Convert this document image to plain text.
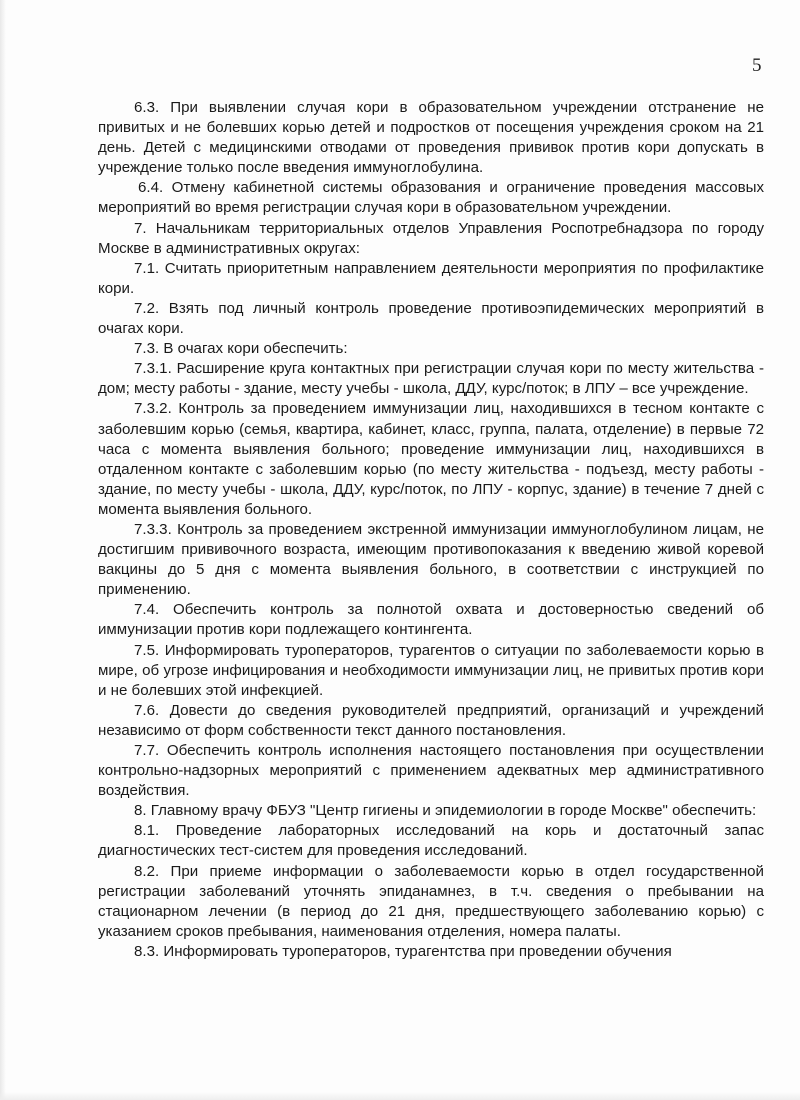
5

6.3. При выявлении случая кори в образовательном учреждении отстранение не привитых и не болевших корью детей и подростков от посещения учреждения сроком на 21 день. Детей с медицинскими отводами от проведения прививок против кори допускать в учреждение только после введения иммуноглобулина.

6.4. Отмену кабинетной системы образования и ограничение проведения массовых мероприятий во время регистрации случая кори в образовательном учреждении.

7. Начальникам территориальных отделов Управления Роспотребнадзора по городу Москве в административных округах:

7.1. Считать приоритетным направлением деятельности мероприятия по профилактике кори.

7.2. Взять под личный контроль проведение противоэпидемических мероприятий в очагах кори.

7.3. В очагах кори обеспечить:

7.3.1. Расширение круга контактных при регистрации случая кори по месту жительства - дом; месту работы - здание, месту учебы - школа, ДДУ, курс/поток; в ЛПУ – все учреждение.

7.3.2. Контроль за проведением иммунизации лиц, находившихся в тесном контакте с заболевшим корью (семья, квартира, кабинет, класс, группа, палата, отделение) в первые 72 часа с момента выявления больного; проведение иммунизации лиц, находившихся в отдаленном контакте с заболевшим корью (по месту жительства - подъезд, месту работы - здание, по месту учебы - школа, ДДУ, курс/поток, по ЛПУ - корпус, здание) в течение 7 дней с момента выявления больного.

7.3.3. Контроль за проведением экстренной иммунизации иммуноглобулином лицам, не достигшим прививочного возраста, имеющим противопоказания к введению живой коревой вакцины до 5 дня с момента выявления больного, в соответствии с инструкцией по применению.

7.4. Обеспечить контроль за полнотой охвата и достоверностью сведений об иммунизации против кори подлежащего контингента.

7.5. Информировать туроператоров, турагентов о ситуации по заболеваемости корью в мире, об угрозе инфицирования и необходимости иммунизации лиц, не привитых против кори и не болевших этой инфекцией.

7.6. Довести до сведения руководителей предприятий, организаций и учреждений независимо от форм собственности текст данного постановления.

7.7. Обеспечить контроль исполнения настоящего постановления при осуществлении контрольно-надзорных мероприятий с применением адекватных мер административного воздействия.

8. Главному врачу ФБУЗ "Центр гигиены и эпидемиологии в городе Москве" обеспечить:

8.1. Проведение лабораторных исследований на корь и достаточный запас диагностических тест-систем для проведения исследований.

8.2. При приеме информации о заболеваемости корью в отдел государственной регистрации заболеваний уточнять эпиданамнез, в т.ч. сведения о пребывании на стационарном лечении (в период до 21 дня, предшествующего заболеванию корью) с указанием сроков пребывания, наименования отделения, номера палаты.

8.3. Информировать туроператоров, турагентства при проведении обучения
